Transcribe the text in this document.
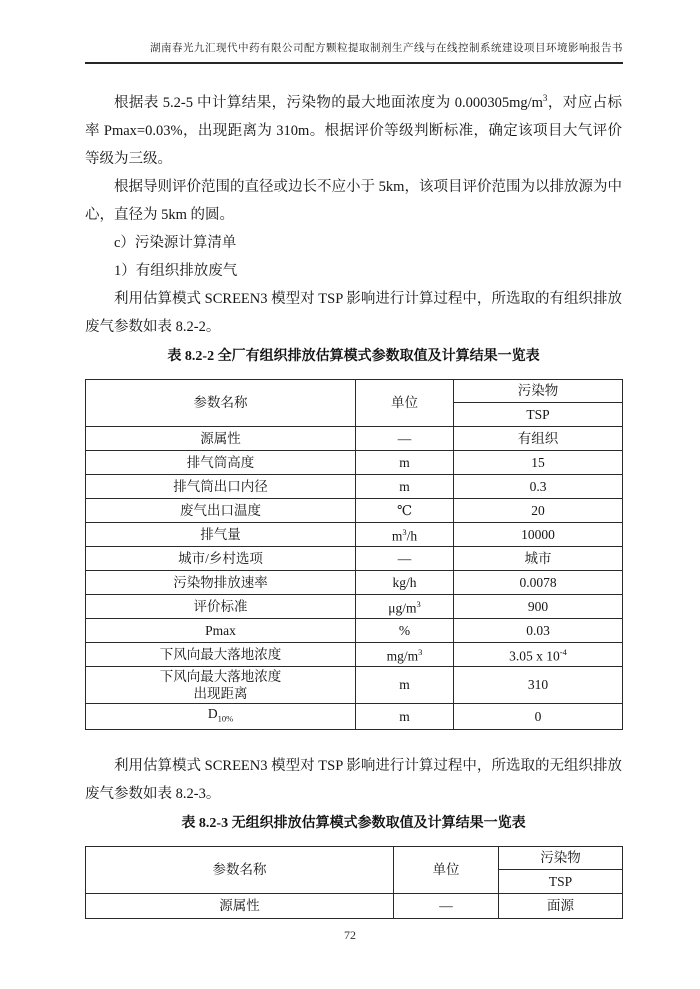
湖南春光九汇现代中药有限公司配方颗粒提取制剂生产线与在线控制系统建设项目环境影响报告书

根据表 5.2-5 中计算结果，污染物的最大地面浓度为 $0.000305mg/m^3$，对应占标率 Pmax=0.03%，出现距离为 310m。根据评价等级判断标准，确定该项目大气评价等级为三级。

根据导则评价范围的直径或边长不应小于 5km，该项目评价范围为以排放源为中心，直径为 5km 的圆。

c）污染源计算清单
1）有组织排放废气

利用估算模式 SCREEN3 模型对 TSP 影响进行计算过程中，所选取的有组织排放废气参数如表 8.2-2。

表 8.2-2 全厂有组织排放估算模式参数取值及计算结果一览表
参数名称	单位	污染物
		TSP
源属性	—	有组织
排气筒高度	m	15
排气筒出口内径	m	0.3
废气出口温度	℃	20
排气量	$m^3/h$	10000
城市/乡村选项	—	城市
污染物排放速率	kg/h	0.0078
评价标准	$\mu g/m^3$	900
Pmax	%	0.03
下风向最大落地浓度	$mg/m^3$	3.05 x $10^{-4}$

下风向最大落地浓度
出现距离	m	310
$D_{10\%}$	m	0

利用估算模式 SCREEN3 模型对 TSP 影响进行计算过程中，所选取的无组织排放废气参数如表 8.2-3。

表 8.2-3 无组织排放估算模式参数取值及计算结果一览表
参数名称	单位	污染物
		TSP
源属性	—	面源
72
